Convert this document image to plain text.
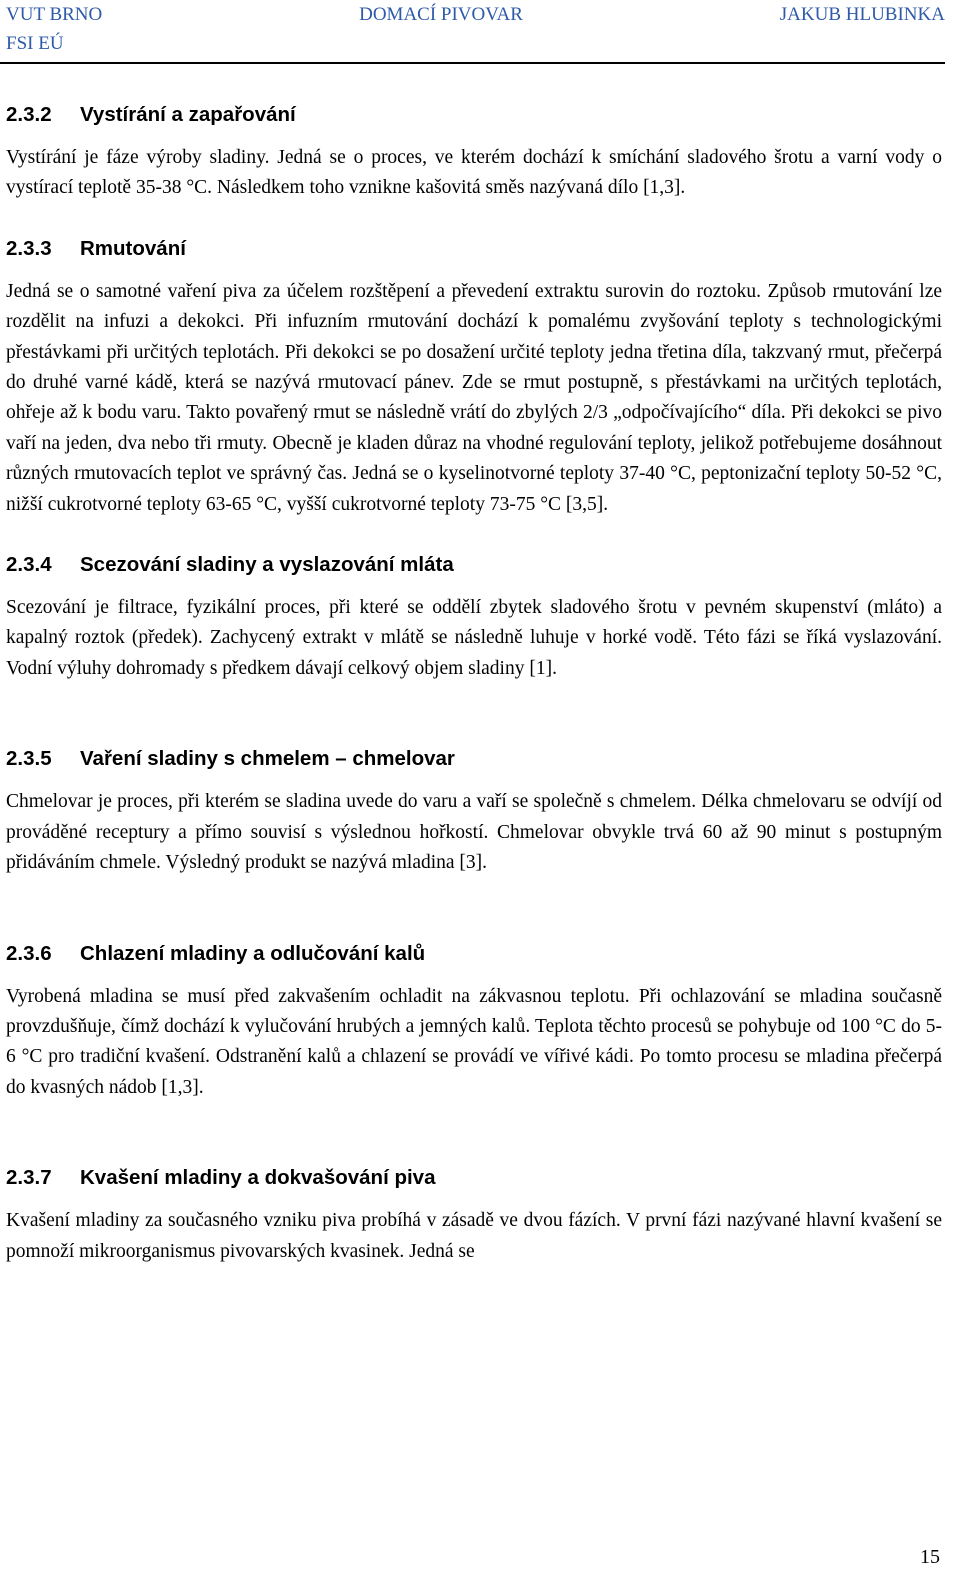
VUT BRNO	DOMACÍ PIVOVAR	JAKUB HLUBINKA
FSI EÚ
2.3.2	Vystírání a zapařování

Vystírání je fáze výroby sladiny. Jedná se o proces, ve kterém dochází k smíchání sladového šrotu a varní vody o vystírací teplotě 35-38 °C. Následkem toho vznikne kašovitá směs nazývaná dílo [1,3].

2.3.3	Rmutování

Jedná se o samotné vaření piva za účelem rozštěpení a převedení extraktu surovin do roztoku. Způsob rmutování lze rozdělit na infuzi a dekokci. Při infuzním rmutování dochází k pomalému zvyšování teploty s technologickými přestávkami při určitých teplotách. Při dekokci se po dosažení určité teploty jedna třetina díla, takzvaný rmut, přečerpá do druhé varné kádě, která se nazývá rmutovací pánev. Zde se rmut postupně, s přestávkami na určitých teplotách, ohřeje až k bodu varu. Takto povařený rmut se následně vrátí do zbylých 2/3 „odpočívajícího“ díla. Při dekokci se pivo vaří na jeden, dva nebo tři rmuty. Obecně je kladen důraz na vhodné regulování teploty, jelikož potřebujeme dosáhnout různých rmutovacích teplot ve správný čas. Jedná se o kyselinotvorné teploty 37-40 °C, peptonizační teploty 50-52 °C, nižší cukrotvorné teploty 63-65 °C, vyšší cukrotvorné teploty 73-75 °C [3,5].

2.3.4	Scezování sladiny a vyslazování mláta

Scezování je filtrace, fyzikální proces, při které se oddělí zbytek sladového šrotu v pevném skupenství (mláto) a kapalný roztok (předek). Zachycený extrakt v mlátě se následně luhuje v horké vodě. Této fázi se říká vyslazování. Vodní výluhy dohromady s předkem dávají celkový objem sladiny [1].

2.3.5	Vaření sladiny s chmelem – chmelovar

Chmelovar je proces, při kterém se sladina uvede do varu a vaří se společně s chmelem. Délka chmelovaru se odvíjí od prováděné receptury a přímo souvisí s výslednou hořkostí. Chmelovar obvykle trvá 60 až 90 minut s postupným přidáváním chmele. Výsledný produkt se nazývá mladina [3].

2.3.6	Chlazení mladiny a odlučování kalů

Vyrobená mladina se musí před zakvašením ochladit na zákvasnou teplotu. Při ochlazování se mladina současně provzdušňuje, čímž dochází k vylučování hrubých a jemných kalů. Teplota těchto procesů se pohybuje od 100 °C do 5-6 °C pro tradiční kvašení. Odstranění kalů a chlazení se provádí ve vířivé kádi. Po tomto procesu se mladina přečerpá do kvasných nádob [1,3].

2.3.7	Kvašení mladiny a dokvašování piva

Kvašení mladiny za současného vzniku piva probíhá v zásadě ve dvou fázích. V první fázi nazývané hlavní kvašení se pomnoží mikroorganismus pivovarských kvasinek. Jedná se

15
